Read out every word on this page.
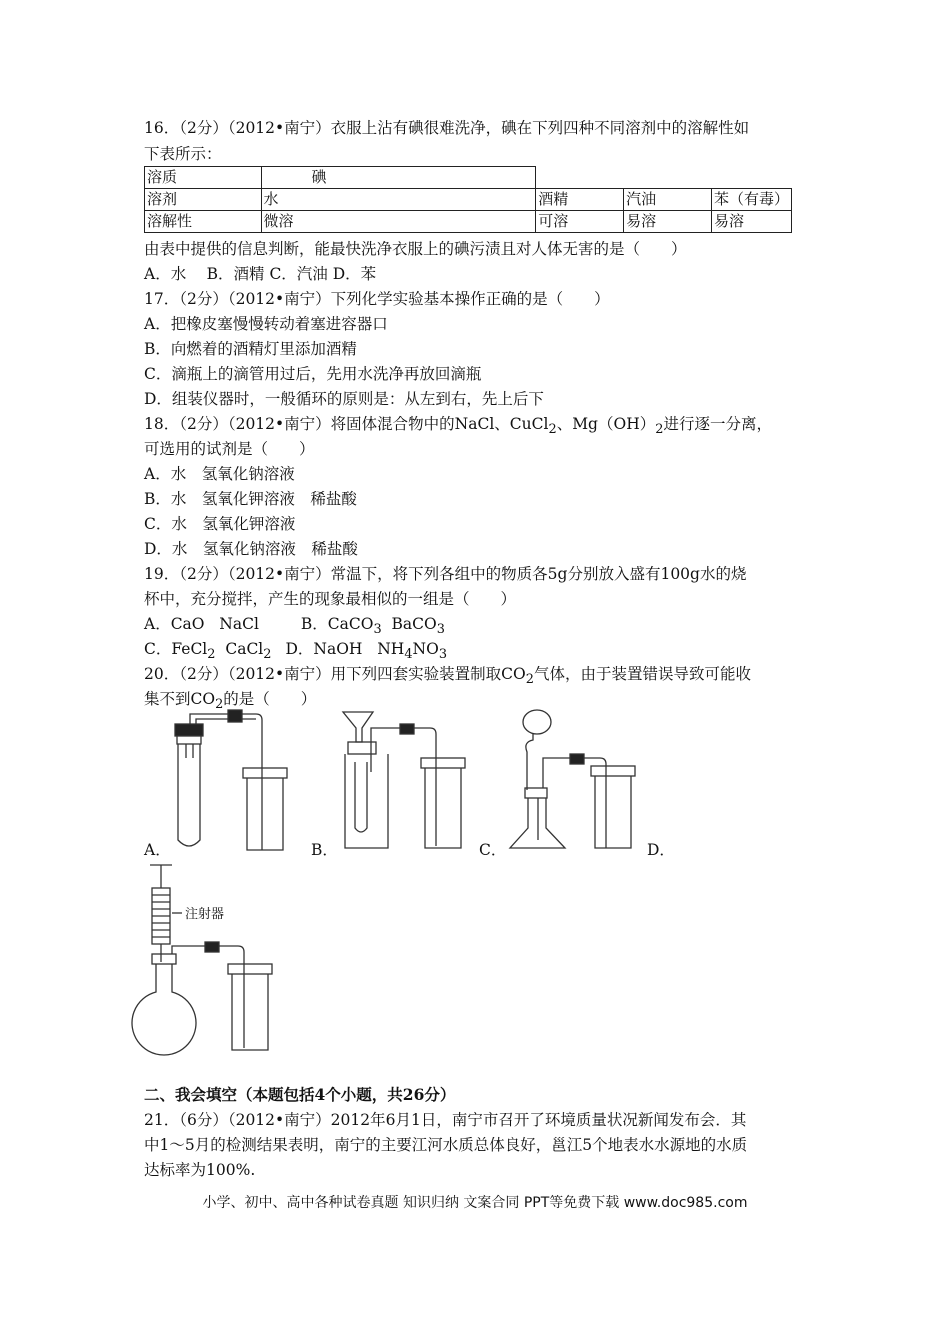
16．（2分）（2012•南宁）衣服上沾有碘很难洗净，碘在下列四种不同溶剂中的溶解性如
下表所示：
溶质	碘			
溶剂	水	酒精	汽油	苯（有毒）
溶解性	微溶	可溶	易溶	易溶
由表中提供的信息判断，能最快洗净衣服上的碘污渍且对人体无害的是（　　）
A．水　 B．酒精 C．汽油 D．苯
17．（2分）（2012•南宁）下列化学实验基本操作正确的是（　　）
A．把橡皮塞慢慢转动着塞进容器口
B．向燃着的酒精灯里添加酒精
C．滴瓶上的滴管用过后，先用水洗净再放回滴瓶
D．组装仪器时，一般循环的原则是：从左到右，先上后下
18．（2分）（2012•南宁）将固体混合物中的NaCl、CuCl$_2$、$Mg(OH)_2$进行逐一分离，
可选用的试剂是（　　）
A．水　氢氧化钠溶液
B．水　氢氧化钾溶液　稀盐酸
C．水　氢氧化钾溶液
D．水　氢氧化钠溶液　稀盐酸
19．（2分）（2012•南宁）常温下，将下列各组中的物质各5g分别放入盛有100g水的烧
杯中，充分搅拌，产生的现象最相似的一组是（　　）
A．CaO   NaCl	B．CaCO$_3$  BaCO$_3$
C．FeCl$_2$  CaCl$_2$ D．NaOH   $NH_4NO_3$
20．（2分）（2012•南宁）用下列四套实验装置制取$CO_2$气体，由于装置错误导致可能收
集不到$CO_2$的是（　　）
注射器
A．	B．	C．	D．
二、我会填空（本题包括4个小题，共26分）
21．（6分）（2012•南宁）2012年6月1日，南宁市召开了环境质量状况新闻发布会．其
中1～5月的检测结果表明，南宁的主要江河水质总体良好，邕江5个地表水水源地的水质
达标率为100%.
小学、初中、高中各种试卷真题 知识归纳 文案合同 PPT等免费下载 www.doc985.com
